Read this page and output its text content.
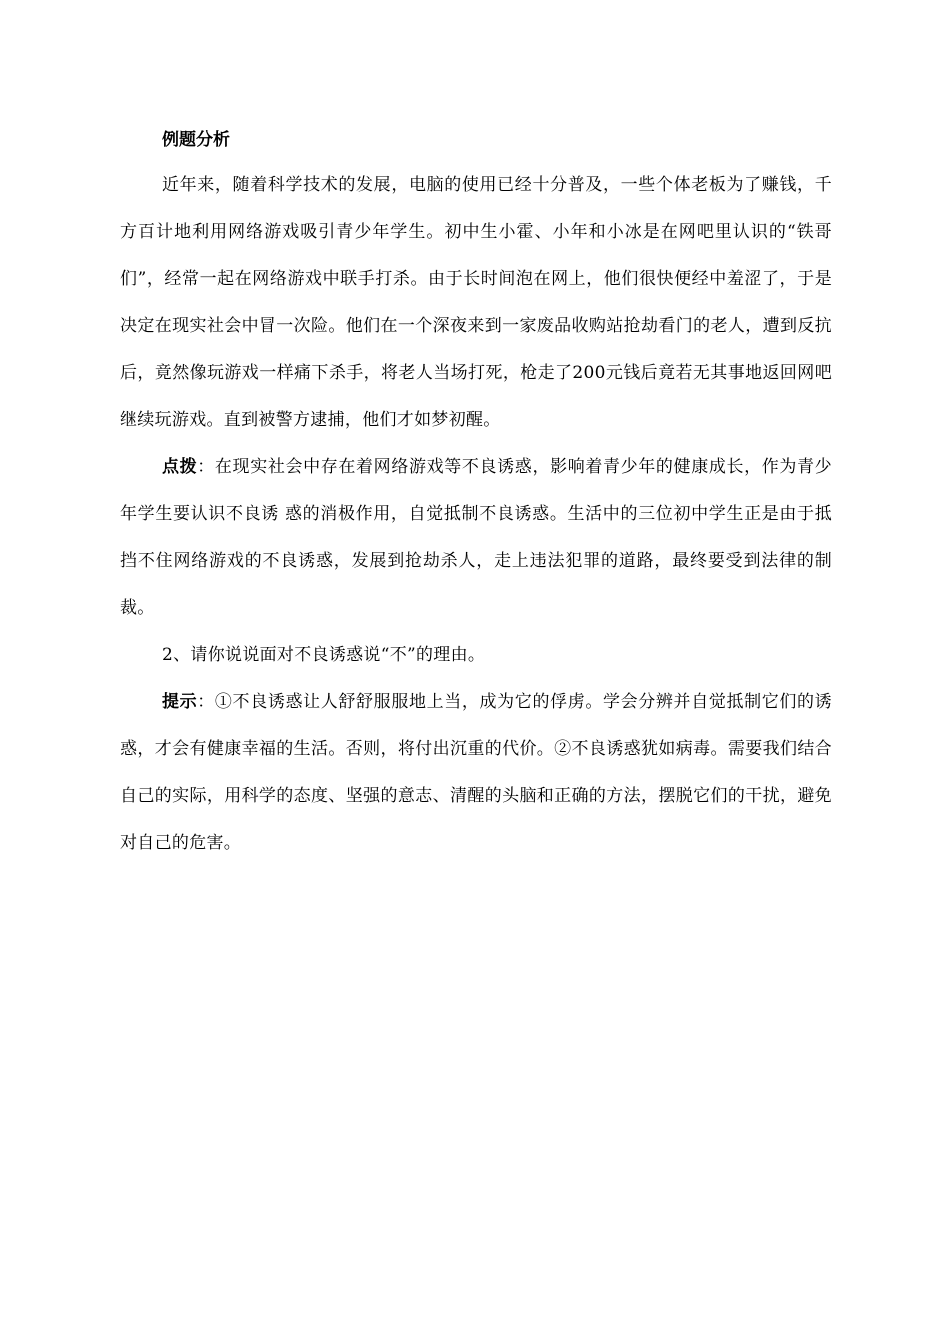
例题分析

近年来，随着科学技术的发展，电脑的使用已经十分普及，一些个体老板为了赚钱，千方百计地利用网络游戏吸引青少年学生。初中生小霍、小年和小冰是在网吧里认识的“铁哥们”，经常一起在网络游戏中联手打杀。由于长时间泡在网上，他们很快便经中羞涩了，于是决定在现实社会中冒一次险。他们在一个深夜来到一家废品收购站抢劫看门的老人，遭到反抗后，竟然像玩游戏一样痛下杀手，将老人当场打死，枪走了200元钱后竟若无其事地返回网吧继续玩游戏。直到被警方逮捕，他们才如梦初醒。

点拨：在现实社会中存在着网络游戏等不良诱惑，影响着青少年的健康成长，作为青少年学生要认识不良诱 惑的消极作用，自觉抵制不良诱惑。生活中的三位初中学生正是由于抵挡不住网络游戏的不良诱惑，发展到抢劫杀人，走上违法犯罪的道路，最终要受到法律的制裁。

2、请你说说面对不良诱惑说“不”的理由。

提示：①不良诱惑让人舒舒服服地上当，成为它的俘虏。学会分辨并自觉抵制它们的诱惑，才会有健康幸福的生活。否则，将付出沉重的代价。②不良诱惑犹如病毒。需要我们结合自己的实际，用科学的态度、坚强的意志、清醒的头脑和正确的方法，摆脱它们的干扰，避免对自己的危害。
